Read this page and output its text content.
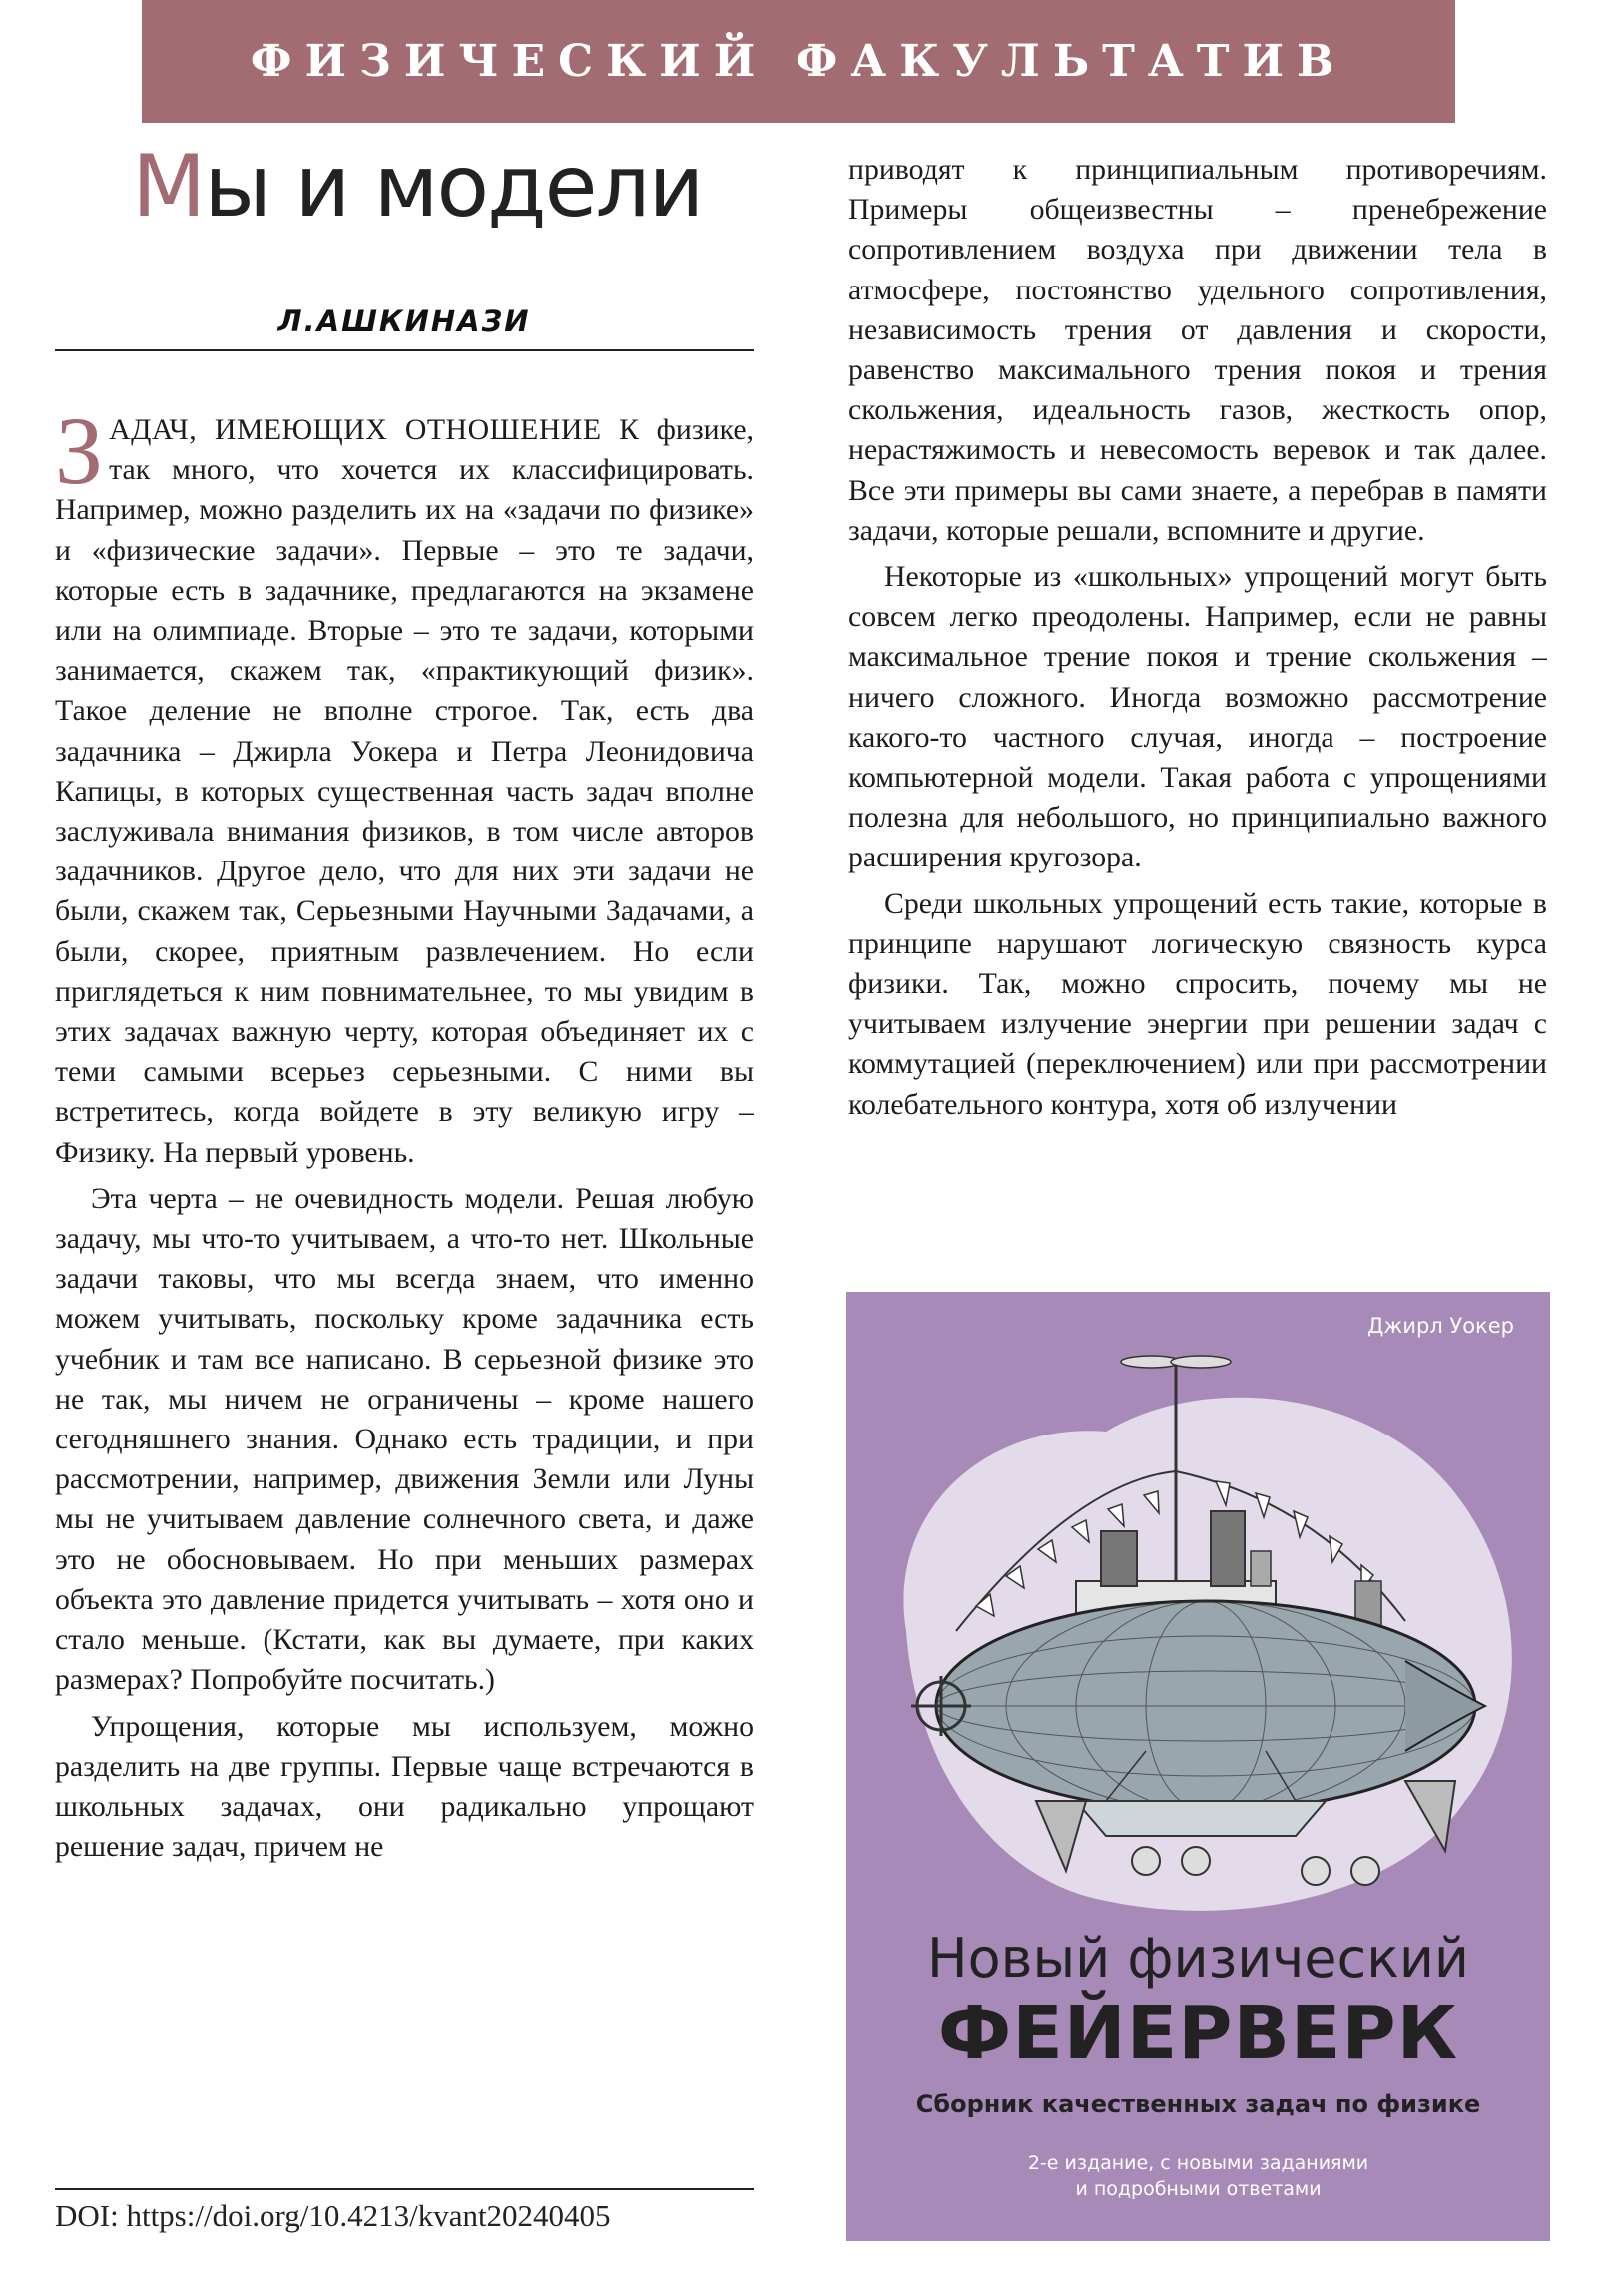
ФИЗИЧЕСКИЙ ФАКУЛЬТАТИВ
Мы и модели
Л.АШКИНАЗИ

ЗАДАЧ, ИМЕЮЩИХ ОТНОШЕНИЕ К физике, так много, что хочется их классифицировать. Например, можно разделить их на «задачи по физике» и «физические задачи». Первые – это те задачи, которые есть в задачнике, предлагаются на экзамене или на олимпиаде. Вторые – это те задачи, которыми занимается, скажем так, «практикующий физик». Такое деление не вполне строгое. Так, есть два задачника – Джирла Уокера и Петра Леонидовича Капицы, в которых существенная часть задач вполне заслуживала внимания физиков, в том числе авторов задачников. Другое дело, что для них эти задачи не были, скажем так, Серьезными Научными Задачами, а были, скорее, приятным развлечением. Но если приглядеться к ним повнимательнее, то мы увидим в этих задачах важную черту, которая объединяет их с теми самыми всерьез серьезными. С ними вы встретитесь, когда войдете в эту великую игру – Физику. На первый уровень.

Эта черта – не очевидность модели. Решая любую задачу, мы что-то учитываем, а что-то нет. Школьные задачи таковы, что мы всегда знаем, что именно можем учитывать, поскольку кроме задачника есть учебник и там все написано. В серьезной физике это не так, мы ничем не ограничены – кроме нашего сегодняшнего знания. Однако есть традиции, и при рассмотрении, например, движения Земли или Луны мы не учитываем давление солнечного света, и даже это не обосновываем. Но при меньших размерах объекта это давление придется учитывать – хотя оно и стало меньше. (Кстати, как вы думаете, при каких размерах? Попробуйте посчитать.)

Упрощения, которые мы используем, можно разделить на две группы. Первые чаще встречаются в школьных задачах, они радикально упрощают решение задач, причем не

DOI: https://doi.org/10.4213/kvant20240405

приводят к принципиальным противоречиям. Примеры общеизвестны – пренебрежение сопротивлением воздуха при движении тела в атмосфере, постоянство удельного сопротивления, независимость трения от давления и скорости, равенство максимального трения покоя и трения скольжения, идеальность газов, жесткость опор, нерастяжимость и невесомость веревок и так далее. Все эти примеры вы сами знаете, а перебрав в памяти задачи, которые решали, вспомните и другие.

Некоторые из «школьных» упрощений могут быть совсем легко преодолены. Например, если не равны максимальное трение покоя и трение скольжения – ничего сложного. Иногда возможно рассмотрение какого-то частного случая, иногда – построение компьютерной модели. Такая работа с упрощениями полезна для небольшого, но принципиально важного расширения кругозора.

Среди школьных упрощений есть такие, которые в принципе нарушают логическую связность курса физики. Так, можно спросить, почему мы не учитываем излучение энергии при решении задач с коммутацией (переключением) или при рассмотрении колебательного контура, хотя об излучении

Джирл Уокер
Новый физический
ФЕЙЕРВЕРК
Сборник качественных задач по физике
2-е издание, с новыми заданиями
и подробными ответами
